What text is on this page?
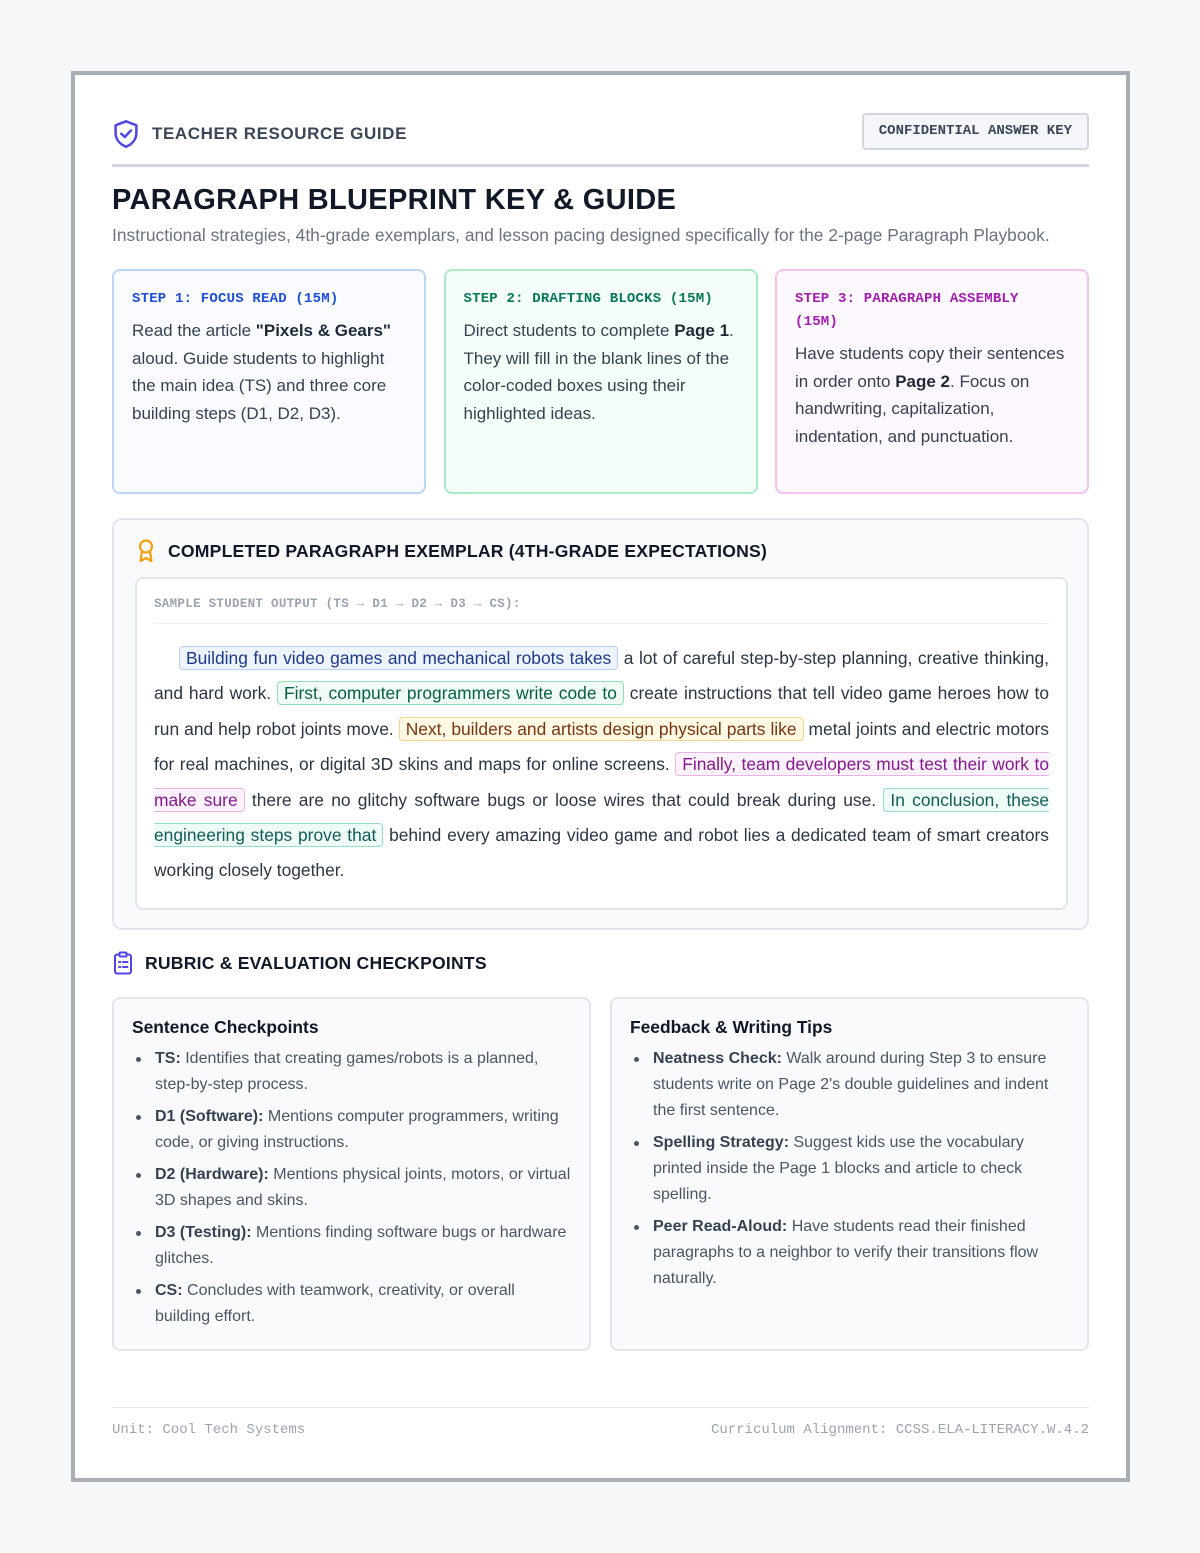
TEACHER RESOURCE GUIDE	CONFIDENTIAL ANSWER KEY
PARAGRAPH BLUEPRINT KEY & GUIDE

Instructional strategies, 4th-grade exemplars, and lesson pacing designed specifically for the 2-page Paragraph Playbook.

STEP 1: FOCUS READ (15M)
Read the article "Pixels & Gears" aloud. Guide students to highlight the main idea (TS) and three core building steps (D1, D2, D3).
STEP 2: DRAFTING BLOCKS (15M)
Direct students to complete Page 1. They will fill in the blank lines of the color-coded boxes using their highlighted ideas.
STEP 3: PARAGRAPH ASSEMBLY (15M)
Have students copy their sentences in order onto Page 2. Focus on handwriting, capitalization, indentation, and punctuation.
COMPLETED PARAGRAPH EXEMPLAR (4TH-GRADE EXPECTATIONS)
SAMPLE STUDENT OUTPUT (TS → D1 → D2 → D3 → CS):

Building fun video games and mechanical robots takes a lot of careful step-by-step planning, creative thinking, and hard work. First, computer programmers write code to create instructions that tell video game heroes how to run and help robot joints move. Next, builders and artists design physical parts like metal joints and electric motors for real machines, or digital 3D skins and maps for online screens. Finally, team developers must test their work to make sure there are no glitchy software bugs or loose wires that could break during use. In conclusion, these engineering steps prove that behind every amazing video game and robot lies a dedicated team of smart creators working closely together.

RUBRIC & EVALUATION CHECKPOINTS
Sentence Checkpoints
TS: Identifies that creating games/robots is a planned, step-by-step process.
D1 (Software): Mentions computer programmers, writing code, or giving instructions.
D2 (Hardware): Mentions physical joints, motors, or virtual 3D shapes and skins.
D3 (Testing): Mentions finding software bugs or hardware glitches.
CS: Concludes with teamwork, creativity, or overall building effort.
Feedback & Writing Tips
Neatness Check: Walk around during Step 3 to ensure students write on Page 2's double guidelines and indent the first sentence.
Spelling Strategy: Suggest kids use the vocabulary printed inside the Page 1 blocks and article to check spelling.
Peer Read-Aloud: Have students read their finished paragraphs to a neighbor to verify their transitions flow naturally.
Unit: Cool Tech Systems	Curriculum Alignment: CCSS.ELA-LITERACY.W.4.2
